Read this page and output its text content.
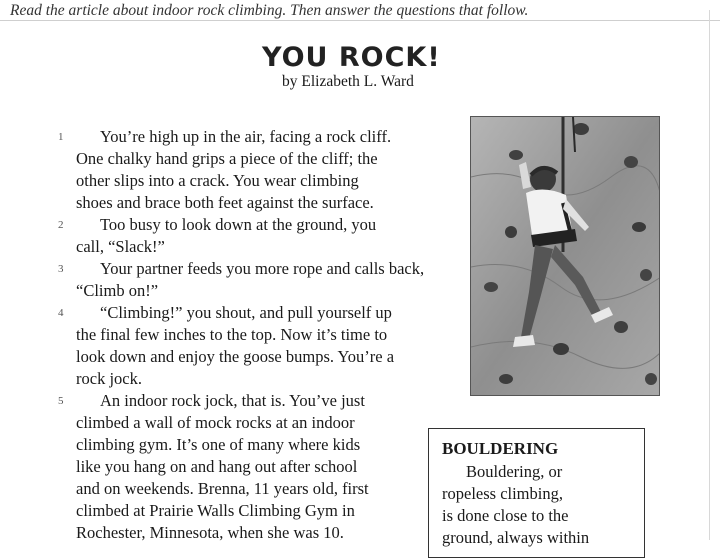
Read the article about indoor rock climbing. Then answer the questions that follow.
YOU ROCK!
by Elizabeth L. Ward
1 You’re high up in the air, facing a rock cliff.
One chalky hand grips a piece of the cliff; the
other slips into a crack. You wear climbing
shoes and brace both feet against the surface.
2 Too busy to look down at the ground, you
call, “Slack!”
3 Your partner feeds you more rope and calls back,
“Climb on!”
4 “Climbing!” you shout, and pull yourself up
the final few inches to the top. Now it’s time to
look down and enjoy the goose bumps. You’re a
rock jock.
5 An indoor rock jock, that is. You’ve just
climbed a wall of mock rocks at an indoor
climbing gym. It’s one of many where kids
like you hang on and hang out after school
and on weekends. Brenna, 11 years old, first
climbed at Prairie Walls Climbing Gym in
Rochester, Minnesota, when she was 10.
BOULDERING
Bouldering, or
ropeless climbing,
is done close to the
ground, always within
